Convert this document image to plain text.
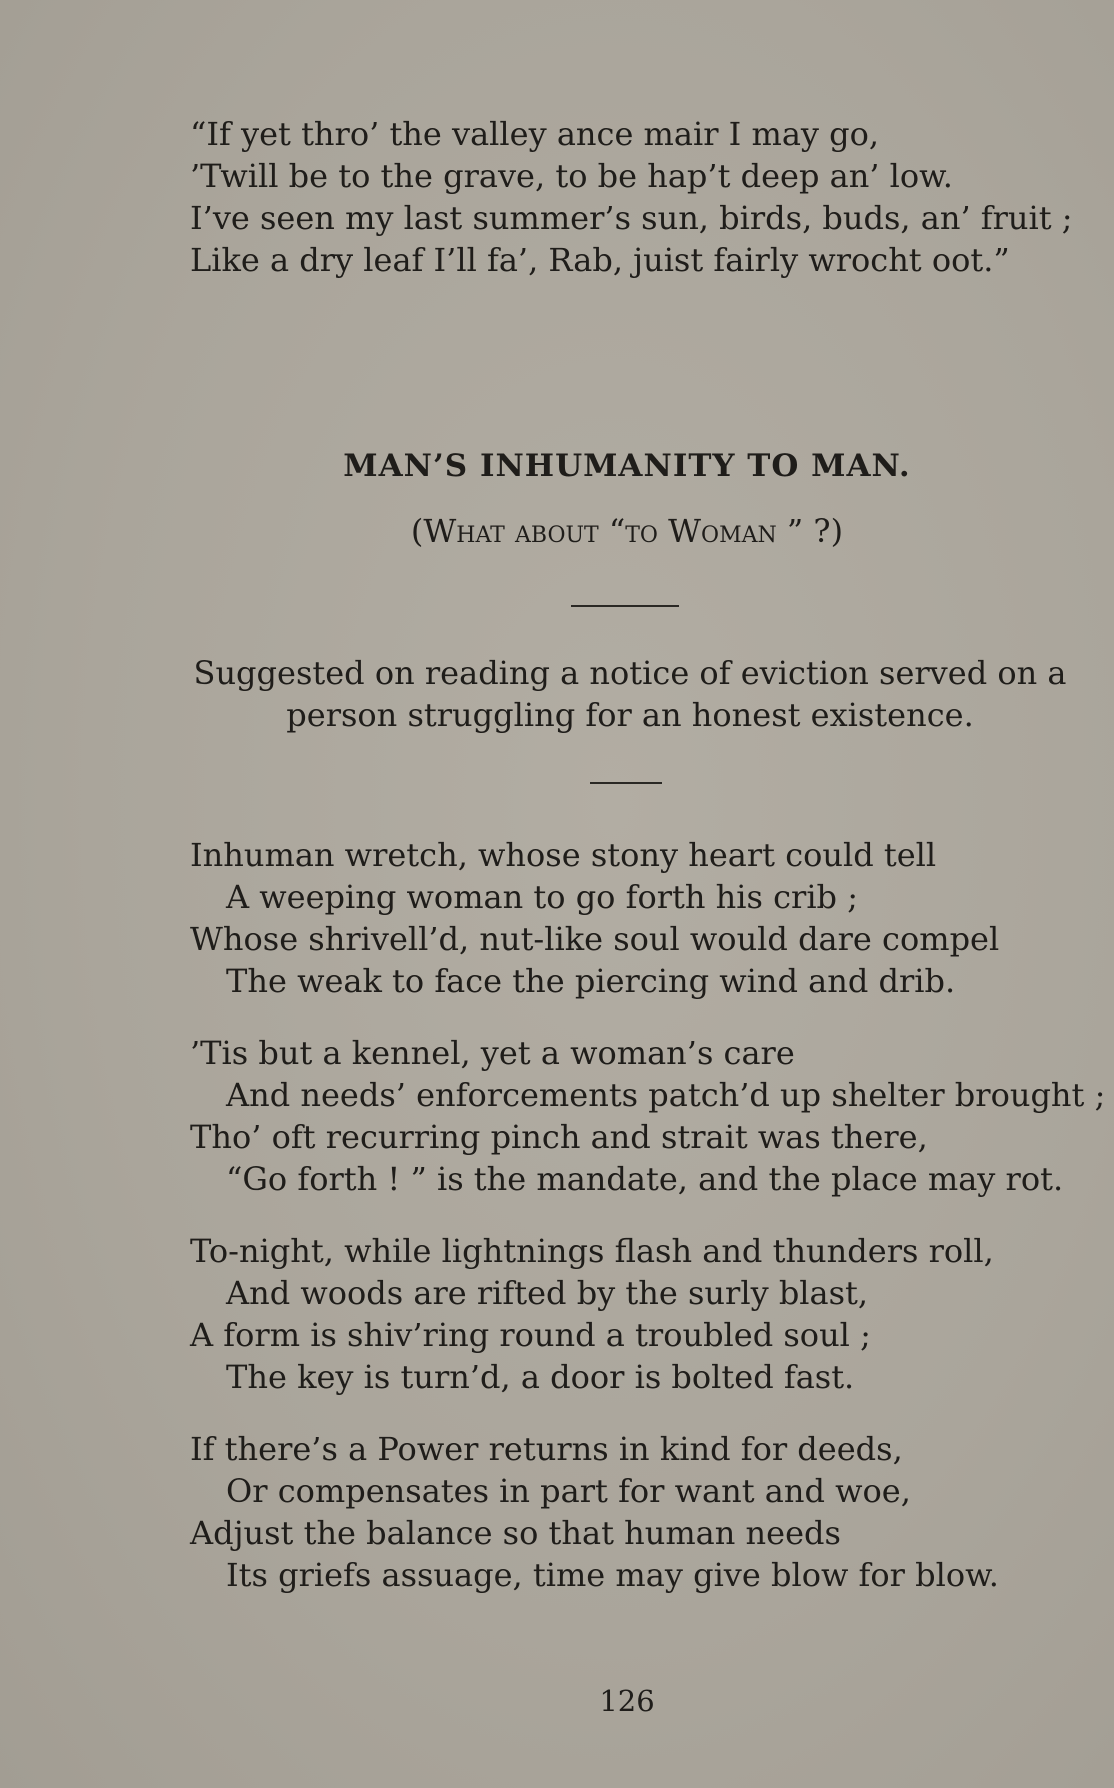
“If yet thro’ the valley ance mair I may go,
’Twill be to the grave, to be hap’t deep an’ low.
I’ve seen my last summer’s sun, birds, buds, an’ fruit ;
Like a dry leaf I’ll fa’, Rab, juist fairly wrocht oot.”
MAN’S INHUMANITY TO MAN.
(What about “to Woman ” ?)
Suggested on reading a notice of eviction served on a person struggling for an honest existence.
Inhuman wretch, whose stony heart could tell
A weeping woman to go forth his crib ;
Whose shrivell’d, nut-like soul would dare compel
The weak to face the piercing wind and drib.
’Tis but a kennel, yet a woman’s care
And needs’ enforcements patch’d up shelter brought ;
Tho’ oft recurring pinch and strait was there,
“Go forth ! ” is the mandate, and the place may rot.
To-night, while lightnings flash and thunders roll,
And woods are rifted by the surly blast,
A form is shiv’ring round a troubled soul ;
The key is turn’d, a door is bolted fast.
If there’s a Power returns in kind for deeds,
Or compensates in part for want and woe,
Adjust the balance so that human needs
Its griefs assuage, time may give blow for blow.
126
